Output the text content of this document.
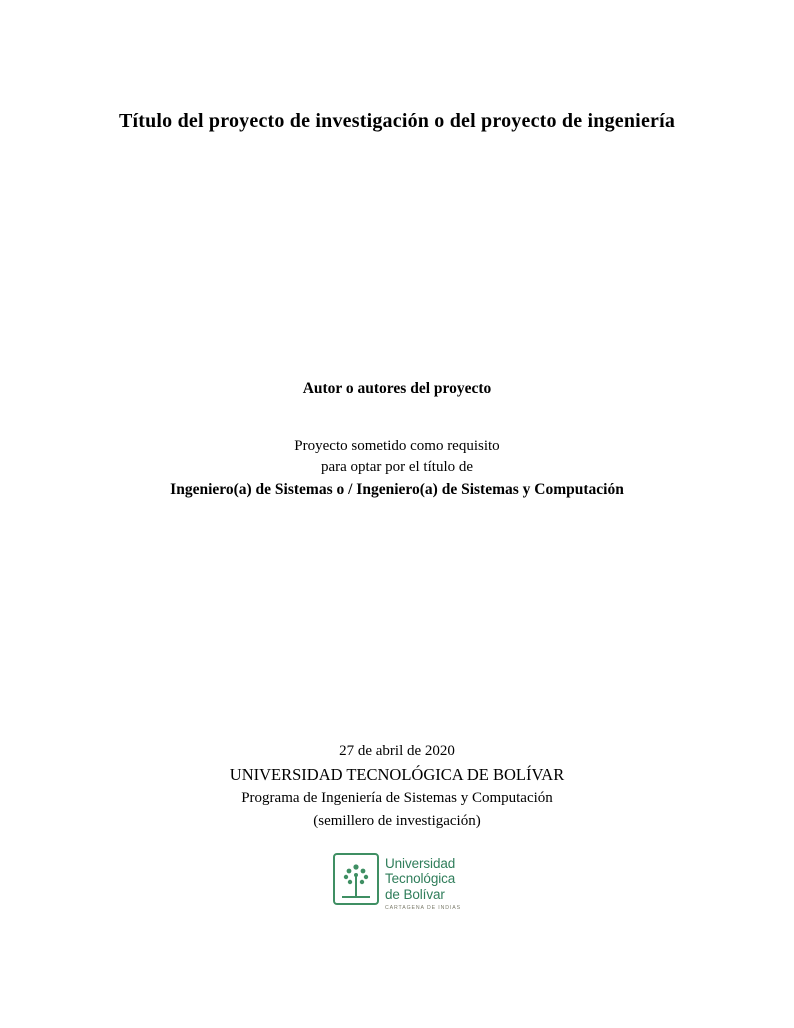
Título del proyecto de investigación o del proyecto de ingeniería
Autor o autores del proyecto
Proyecto sometido como requisito
para optar por el título de
Ingeniero(a) de Sistemas o / Ingeniero(a) de Sistemas y Computación
27 de abril de 2020
UNIVERSIDAD TECNOLÓGICA DE BOLÍVAR
Programa de Ingeniería de Sistemas y Computación
(semillero de investigación)
Universidad
Tecnológica
de Bolívar
CARTAGENA DE INDIAS
